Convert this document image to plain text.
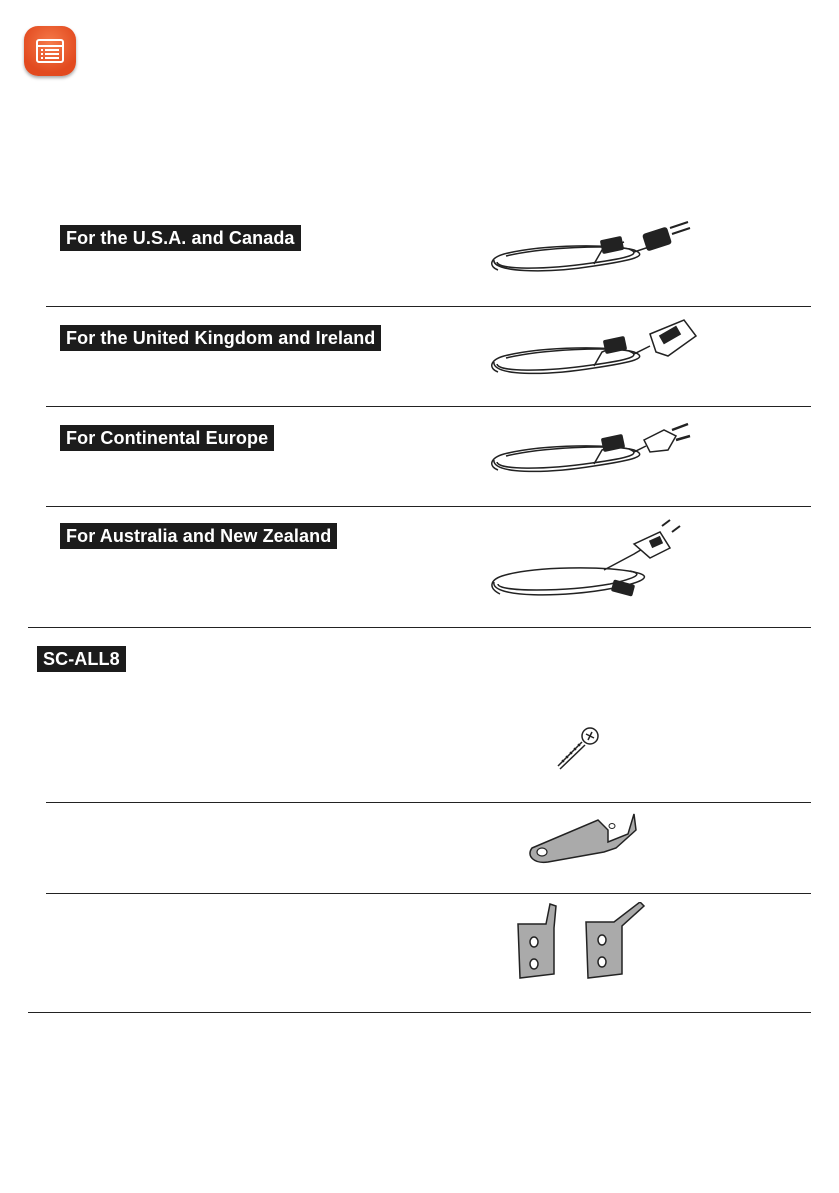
For the U.S.A. and Canada
For the United Kingdom and Ireland
For Continental Europe
For Australia and New Zealand
SC-ALL8
